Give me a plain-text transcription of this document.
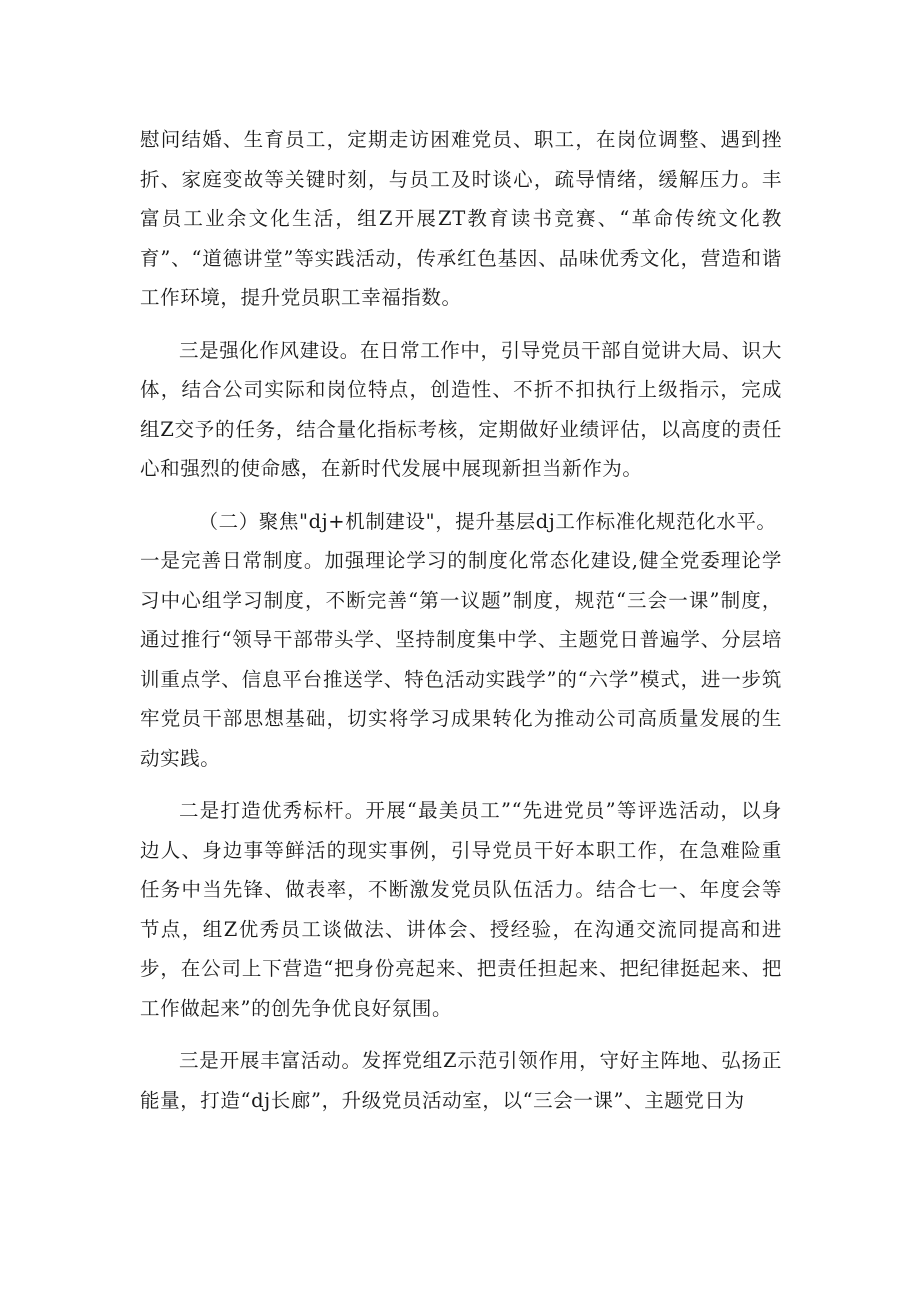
慰问结婚、生育员工，定期走访困难党员、职工，在岗位调整、遇到挫折、家庭变故等关键时刻，与员工及时谈心，疏导情绪，缓解压力。丰富员工业余文化生活，组Z开展ZT教育读书竞赛、“革命传统文化教育”、“道德讲堂”等实践活动，传承红色基因、品味优秀文化，营造和谐工作环境，提升党员职工幸福指数。

三是强化作风建设。在日常工作中，引导党员干部自觉讲大局、识大体，结合公司实际和岗位特点，创造性、不折不扣执行上级指示，完成组Z交予的任务，结合量化指标考核，定期做好业绩评估，以高度的责任心和强烈的使命感，在新时代发展中展现新担当新作为。

（二）聚焦"dj+机制建设"，提升基层dj工作标准化规范化水平。

一是完善日常制度。加强理论学习的制度化常态化建设,健全党委理论学习中心组学习制度，不断完善“第一议题”制度，规范“三会一课”制度，通过推行“领导干部带头学、坚持制度集中学、主题党日普遍学、分层培训重点学、信息平台推送学、特色活动实践学”的“六学”模式，进一步筑牢党员干部思想基础，切实将学习成果转化为推动公司高质量发展的生动实践。

二是打造优秀标杆。开展“最美员工”“先进党员”等评选活动，以身边人、身边事等鲜活的现实事例，引导党员干好本职工作，在急难险重任务中当先锋、做表率，不断激发党员队伍活力。结合七一、年度会等节点，组Z优秀员工谈做法、讲体会、授经验，在沟通交流同提高和进步，在公司上下营造“把身份亮起来、把责任担起来、把纪律挺起来、把工作做起来”的创先争优良好氛围。

三是开展丰富活动。发挥党组Z示范引领作用，守好主阵地、弘扬正能量，打造“dj长廊”，升级党员活动室，以“三会一课”、主题党日为
